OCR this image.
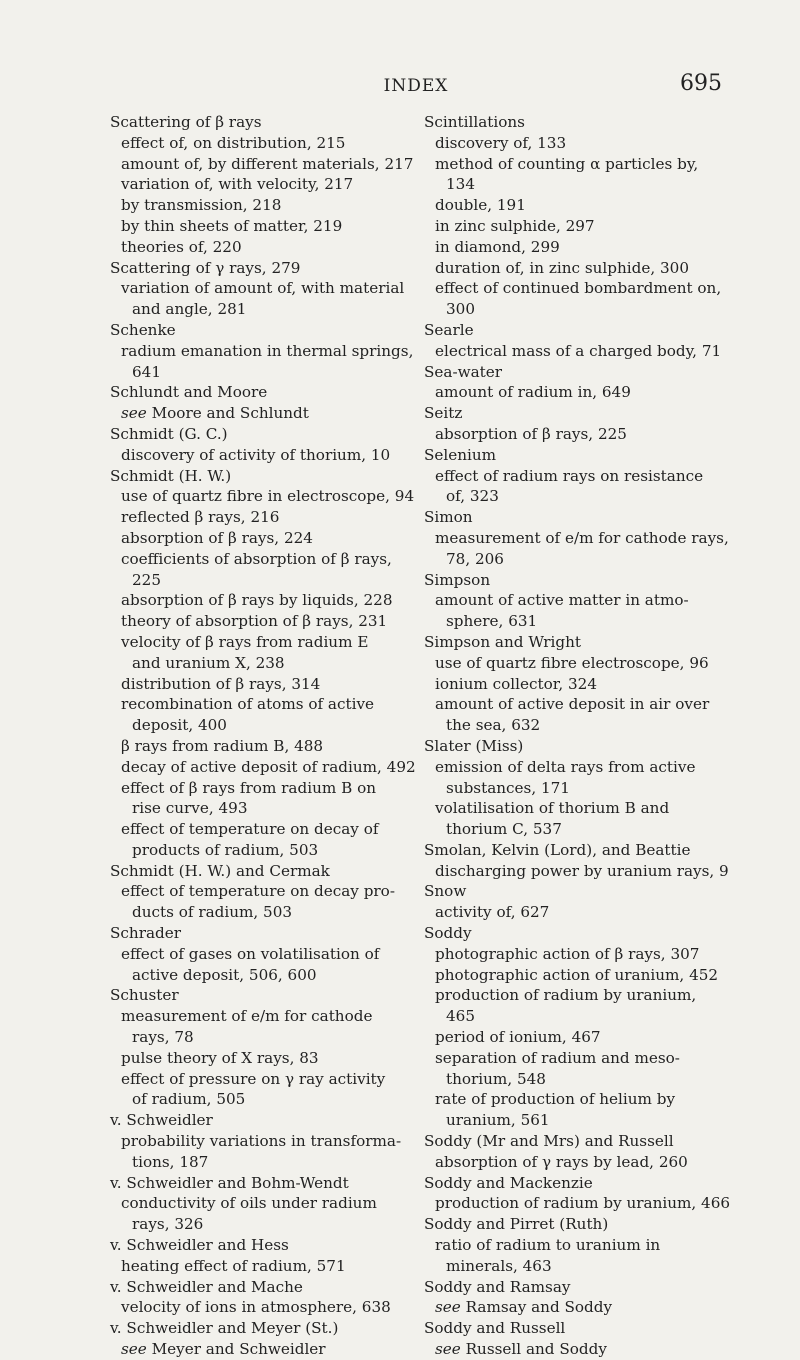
INDEX	695
Scattering of β rays
effect of, on distribution, 215
amount of, by different materials, 217
variation of, with velocity, 217
by transmission, 218
by thin sheets of matter, 219
theories of, 220
Scattering of γ rays, 279
variation of amount of, with material
and angle, 281
Schenke
radium emanation in thermal springs,
641
Schlundt and Moore
see Moore and Schlundt
Schmidt (G. C.)
discovery of activity of thorium, 10
Schmidt (H. W.)
use of quartz fibre in electroscope, 94
reflected β rays, 216
absorption of β rays, 224
coefficients of absorption of β rays,
225
absorption of β rays by liquids, 228
theory of absorption of β rays, 231
velocity of β rays from radium E
and uranium X, 238
distribution of β rays, 314
recombination of atoms of active
deposit, 400
β rays from radium B, 488
decay of active deposit of radium, 492
effect of β rays from radium B on
rise curve, 493
effect of temperature on decay of
products of radium, 503
Schmidt (H. W.) and Cermak
effect of temperature on decay pro-
ducts of radium, 503
Schrader
effect of gases on volatilisation of
active deposit, 506, 600
Schuster
measurement of e/m for cathode
rays, 78
pulse theory of X rays, 83
effect of pressure on γ ray activity
of radium, 505
v. Schweidler
probability variations in transforma-
tions, 187
v. Schweidler and Bohm-Wendt
conductivity of oils under radium
rays, 326
v. Schweidler and Hess
heating effect of radium, 571
v. Schweidler and Mache
velocity of ions in atmosphere, 638
v. Schweidler and Meyer (St.)
see Meyer and Schweidler
Scintillations
discovery of, 133
method of counting α particles by,
134
double, 191
in zinc sulphide, 297
in diamond, 299
duration of, in zinc sulphide, 300
effect of continued bombardment on,
300
Searle
electrical mass of a charged body, 71
Sea-water
amount of radium in, 649
Seitz
absorption of β rays, 225
Selenium
effect of radium rays on resistance
of, 323
Simon
measurement of e/m for cathode rays,
78, 206
Simpson
amount of active matter in atmo-
sphere, 631
Simpson and Wright
use of quartz fibre electroscope, 96
ionium collector, 324
amount of active deposit in air over
the sea, 632
Slater (Miss)
emission of delta rays from active
substances, 171
volatilisation of thorium B and
thorium C, 537
Smolan, Kelvin (Lord), and Beattie
discharging power by uranium rays, 9
Snow
activity of, 627
Soddy
photographic action of β rays, 307
photographic action of uranium, 452
production of radium by uranium,
465
period of ionium, 467
separation of radium and meso-
thorium, 548
rate of production of helium by
uranium, 561
Soddy (Mr and Mrs) and Russell
absorption of γ rays by lead, 260
Soddy and Mackenzie
production of radium by uranium, 466
Soddy and Pirret (Ruth)
ratio of radium to uranium in
minerals, 463
Soddy and Ramsay
see Ramsay and Soddy
Soddy and Russell
see Russell and Soddy
